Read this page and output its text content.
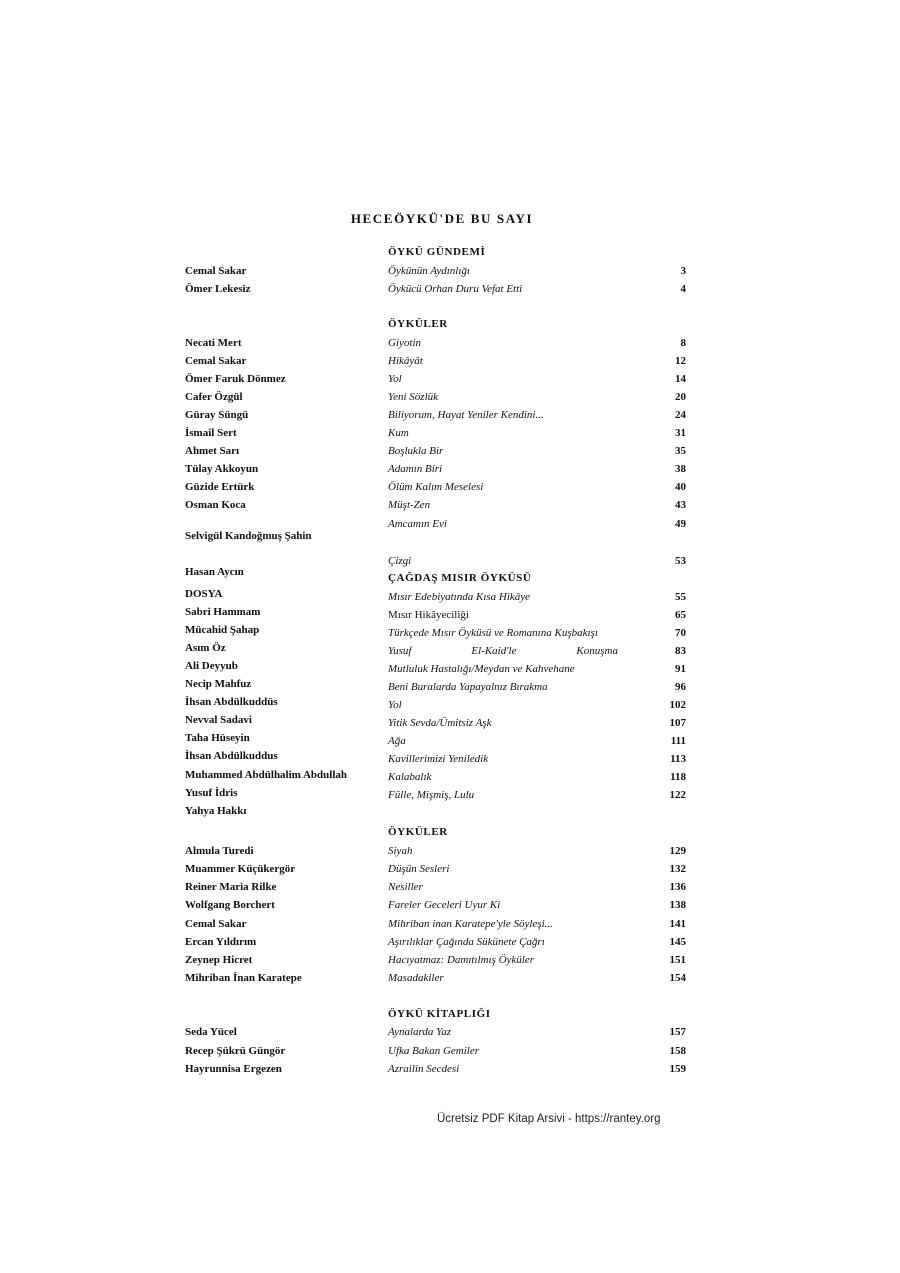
HECEÖYKÜ'DE BU SAYI
ÖYKÜ GÜNDEMİ
ÖYKÜLER
ÇAĞDAŞ MISIR ÖYKÜSÜ
ÖYKÜLER
ÖYKÜ KİTAPLIĞI
Cemal Sakar
Ömer Lekesiz
Necati Mert
Cemal Sakar
Ömer Faruk Dönmez
Cafer Özgül
Güray Süngü
İsmail Sert
Ahmet Sarı
Tülay Akkoyun
Güzide Ertürk
Osman Koca
Selvigül Kandoğmuş Şahin
Hasan Aycın
DOSYA
Sabri Hammam
Mücahid Şahap
Asım Öz
Ali Deyyub
Necip Mahfuz
İhsan Abdülkuddüs
Nevval Sadavi
Taha Hüseyin
İhsan Abdülkuddus
Muhammed Abdülhalim Abdullah
Yusuf İdris
Yahya Hakkı
Almula Turedi
Muammer Küçükergör
Reiner Maria Rilke
Wolfgang Borchert
Cemal Sakar
Ercan Yıldırım
Zeynep Hicret
Mihriban İnan Karatepe
Seda Yücel
Recep Şükrü Güngör
Hayrunnisa Ergezen
Öykünün Aydınlığı
Öykücü Orhan Duru Vefat Etti
Giyotin
Hikâyât
Yol
Yeni Sözlük
Biliyorum, Hayat Yeniler Kendini...
Kum
Boşlukla Bir
Adamın Biri
Ölüm Kalım Meselesi
Müşt-Zen
Amcamın Evi
Çizgi
Mısır Edebiyatında Kısa Hikâye
Mısır Hikâyeciliği
Türkçede Mısır Öyküsü ve Romanına Kuşbakışı
Yusuf	El-Kaid'le	Konuşma
Mutluluk Hastalığı/Meydan ve Kahvehane
Beni Buralarda Yapayalnız Bırakma
Yol
Yitik Sevda/Ümitsiz Aşk
Ağa
Kavillerimizi Yeniledik
Kalabalık
Fülle, Mişmiş, Lulu
Siyah
Düşün Sesleri
Nesiller
Fareler Geceleri Uyur Ki
Mihriban inan Karatepe'yle Söyleşi...
Aşırılıklar Çağında Sükünete Çağrı
Hacıyatmaz: Damıtılmış Öyküler
Masadakiler
Aynalarda Yaz
Ufka Bakan Gemiler
Azrailin Secdesi
3
4
8
12
14
20
24
31
35
38
40
43
49
53
55
65
70
83
91
96
102
107
111
113
118
122
129
132
136
138
141
145
151
154
157
158
159
Ücretsiz PDF Kitap Arsivi - https://rantey.org
